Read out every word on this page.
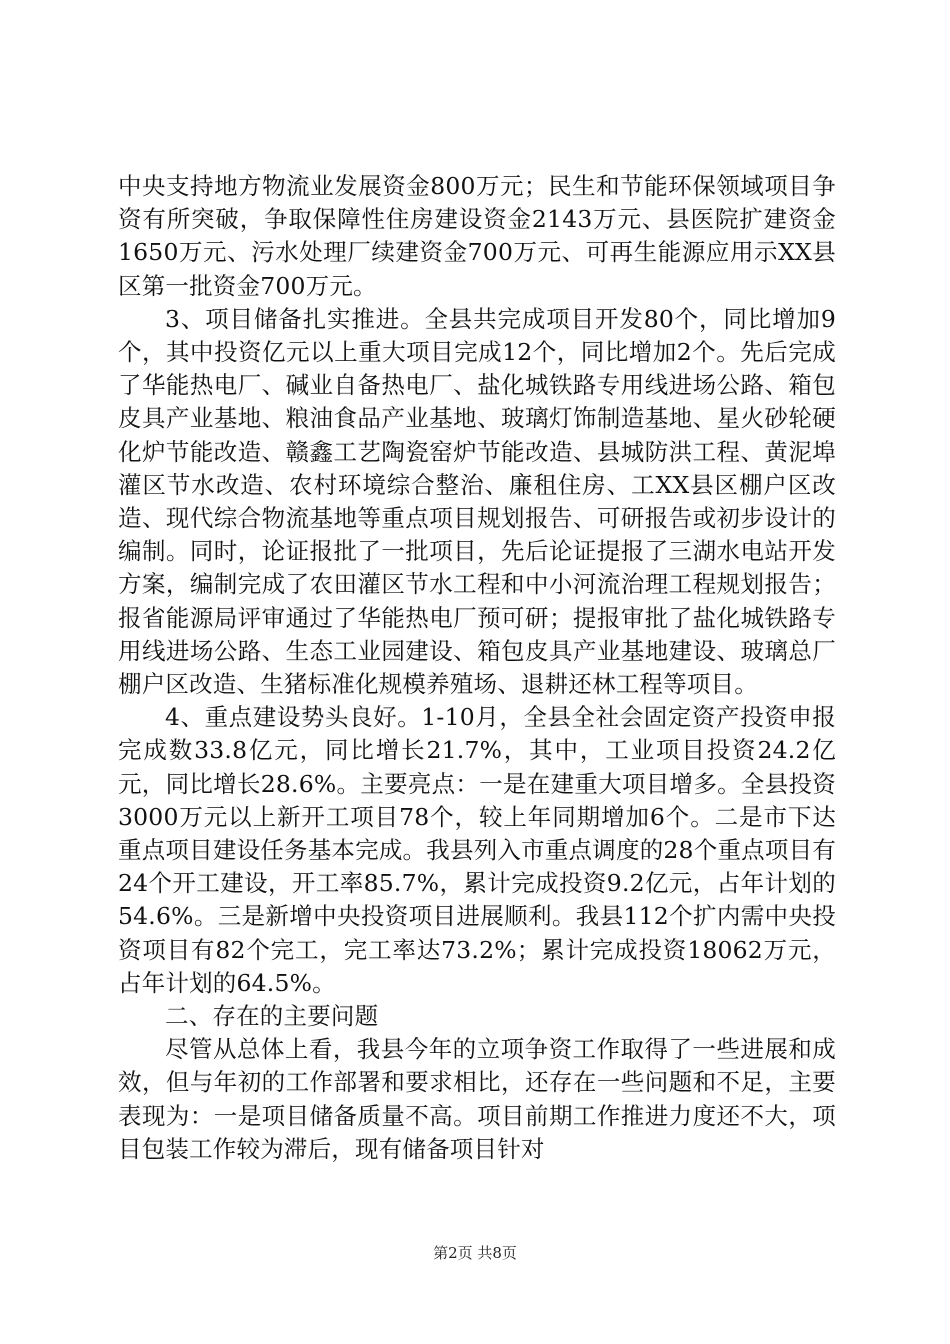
中央支持地方物流业发展资金800万元；民生和节能环保领域项目争资有所突破，争取保障性住房建设资金2143万元、县医院扩建资金1650万元、污水处理厂续建资金700万元、可再生能源应用示XX县区第一批资金700万元。

3、项目储备扎实推进。全县共完成项目开发80个，同比增加9个，其中投资亿元以上重大项目完成12个，同比增加2个。先后完成了华能热电厂、碱业自备热电厂、盐化城铁路专用线进场公路、箱包皮具产业基地、粮油食品产业基地、玻璃灯饰制造基地、星火砂轮硬化炉节能改造、赣鑫工艺陶瓷窑炉节能改造、县城防洪工程、黄泥埠灌区节水改造、农村环境综合整治、廉租住房、工XX县区棚户区改造、现代综合物流基地等重点项目规划报告、可研报告或初步设计的编制。同时，论证报批了一批项目，先后论证提报了三湖水电站开发方案，编制完成了农田灌区节水工程和中小河流治理工程规划报告；报省能源局评审通过了华能热电厂预可研；提报审批了盐化城铁路专用线进场公路、生态工业园建设、箱包皮具产业基地建设、玻璃总厂棚户区改造、生猪标准化规模养殖场、退耕还林工程等项目。

4、重点建设势头良好。1-10月，全县全社会固定资产投资申报完成数33.8亿元，同比增长21.7%，其中，工业项目投资24.2亿元，同比增长28.6%。主要亮点：一是在建重大项目增多。全县投资3000万元以上新开工项目78个，较上年同期增加6个。二是市下达重点项目建设任务基本完成。我县列入市重点调度的28个重点项目有24个开工建设，开工率85.7%，累计完成投资9.2亿元，占年计划的54.6%。三是新增中央投资项目进展顺利。我县112个扩内需中央投资项目有82个完工，完工率达73.2%；累计完成投资18062万元，占年计划的64.5%。

二、存在的主要问题

尽管从总体上看，我县今年的立项争资工作取得了一些进展和成效，但与年初的工作部署和要求相比，还存在一些问题和不足，主要表现为：一是项目储备质量不高。项目前期工作推进力度还不大，项目包装工作较为滞后，现有储备项目针对

第2页 共8页
